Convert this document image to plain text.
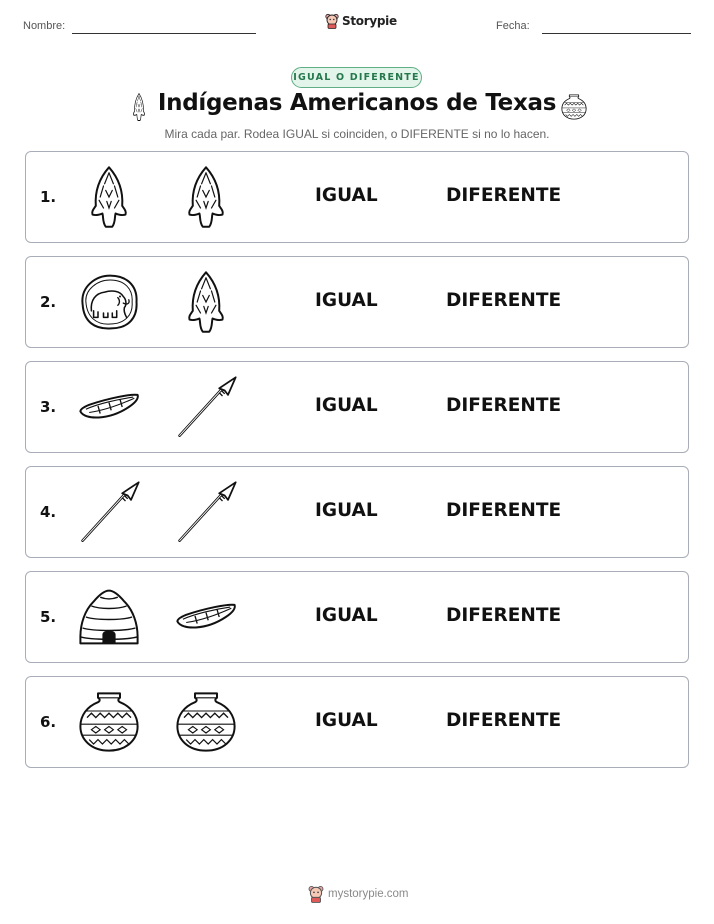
Nombre:	Storypie	Fecha:
IGUAL O DIFERENTE
Indígenas Americanos de Texas
Mira cada par. Rodea IGUAL si coinciden, o DIFERENTE si no lo hacen.
1.	IGUAL	DIFERENTE
2.	IGUAL	DIFERENTE
3.	IGUAL	DIFERENTE
4.	IGUAL	DIFERENTE
5.	IGUAL	DIFERENTE
6.	IGUAL	DIFERENTE
mystorypie.com
